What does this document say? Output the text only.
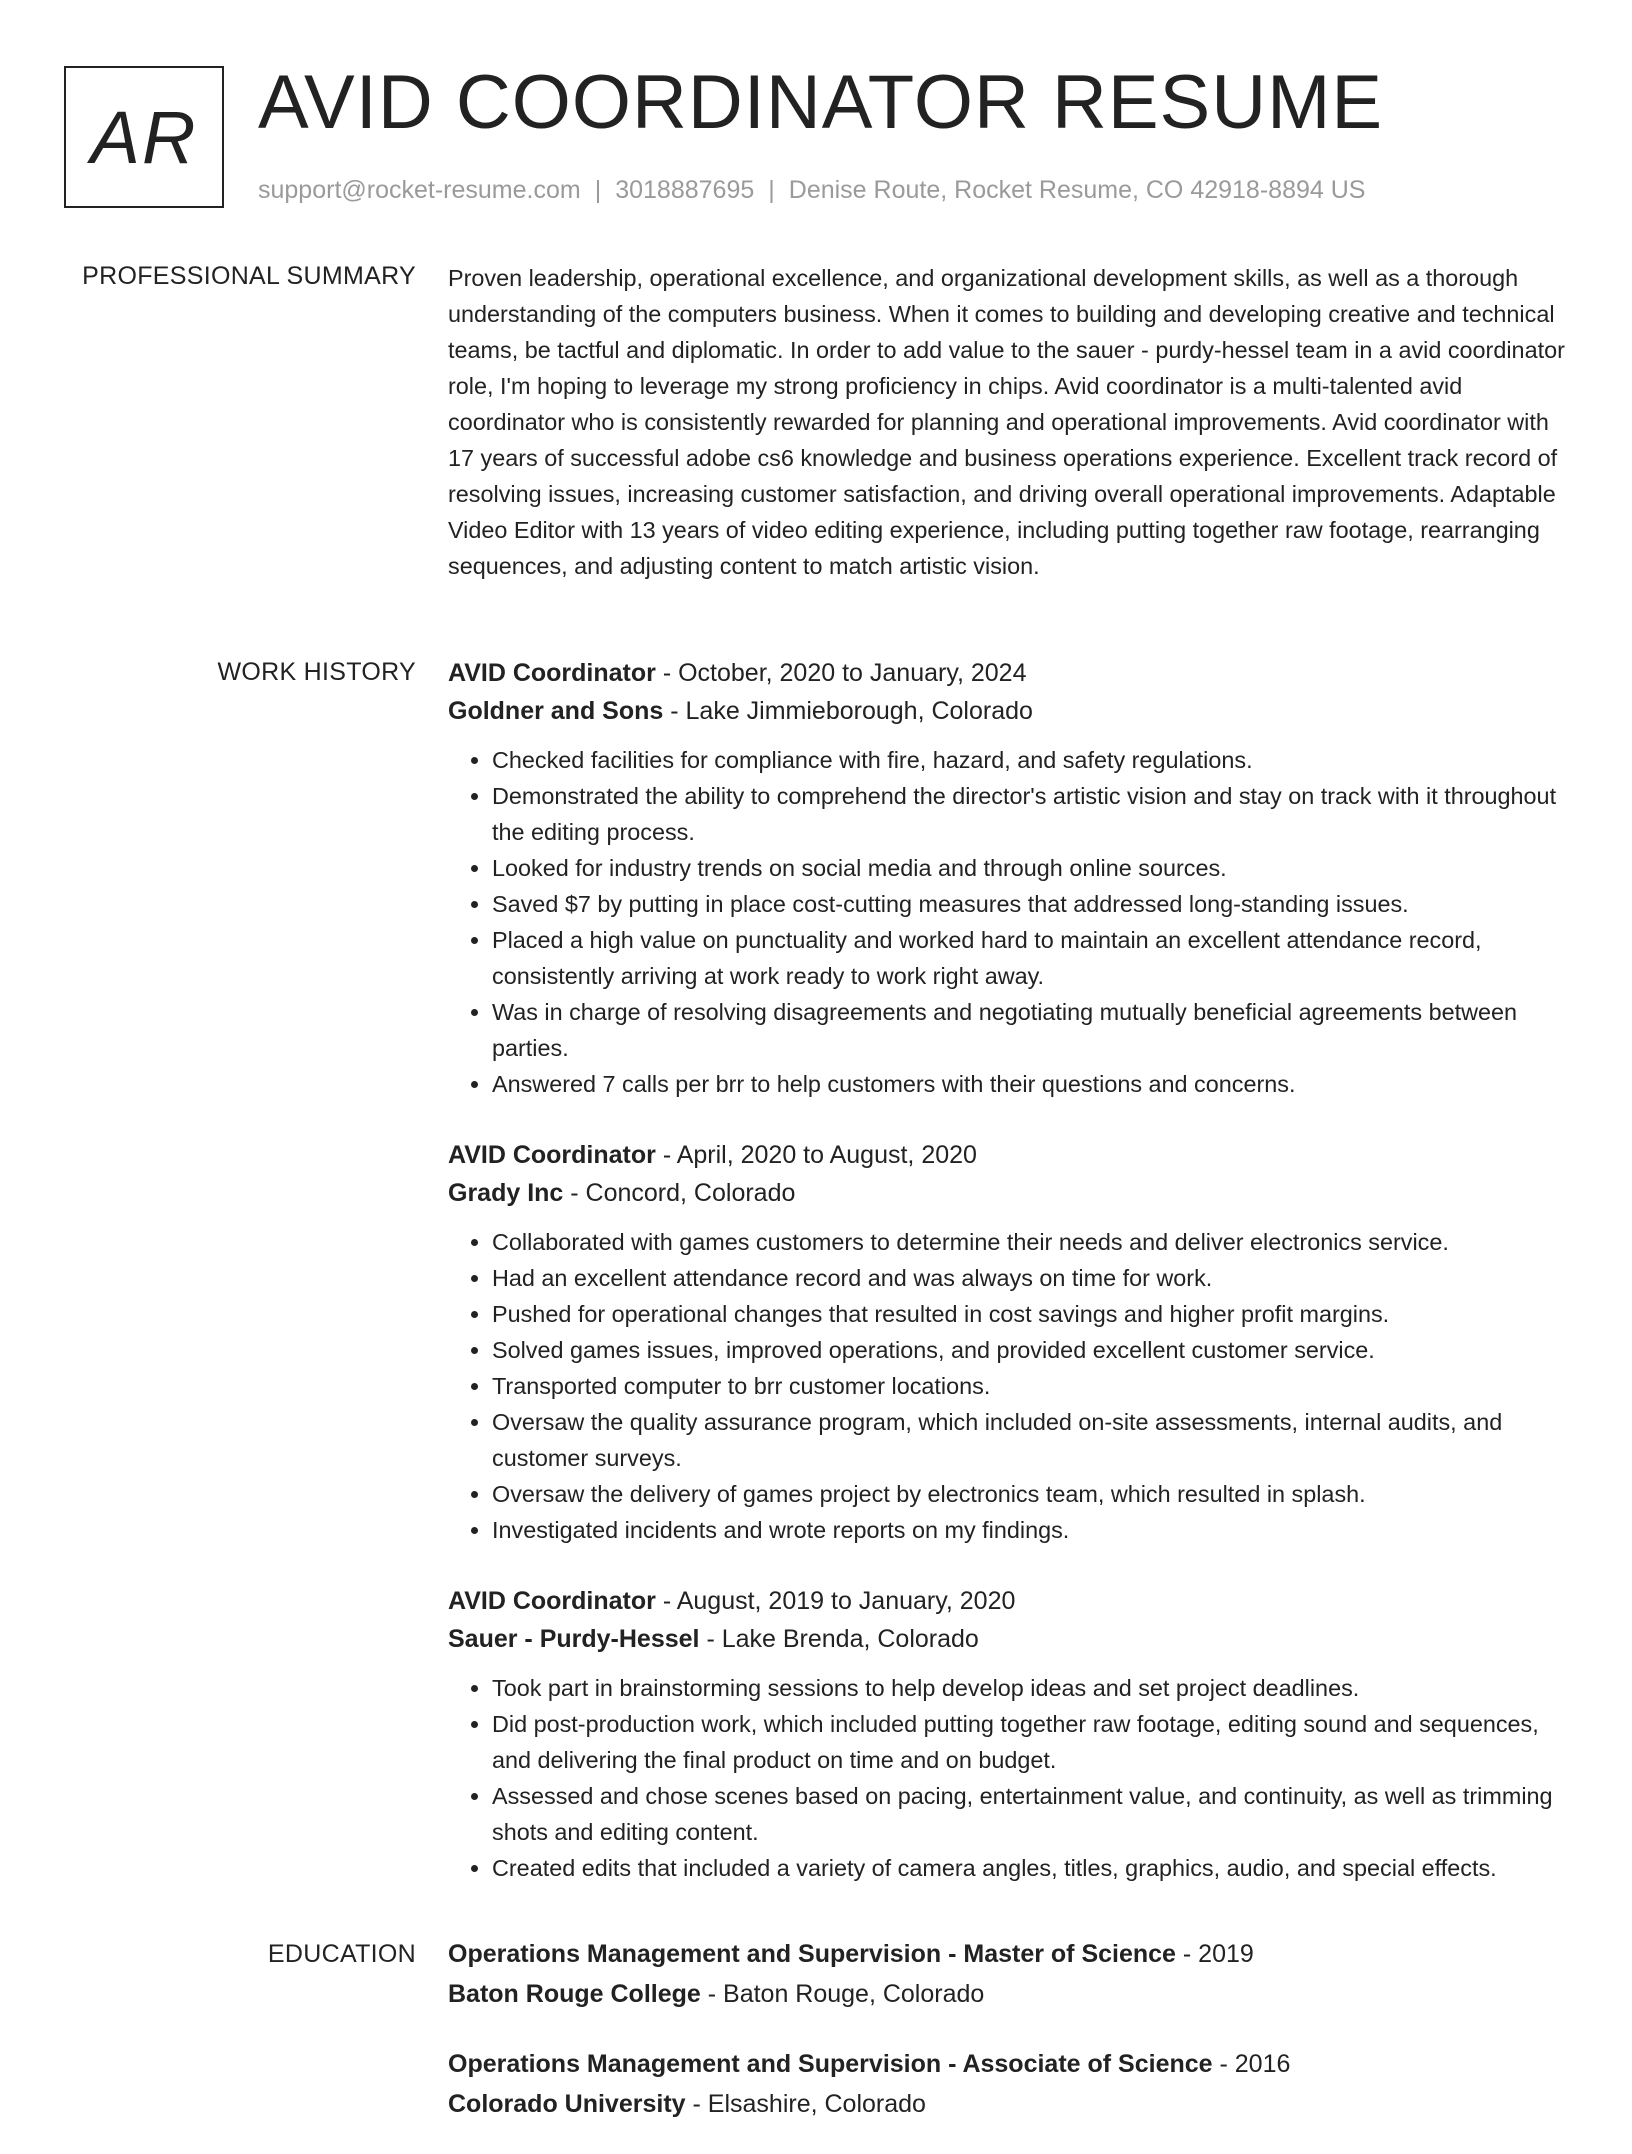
AR AVID COORDINATOR RESUME
support@rocket-resume.com | 3018887695 | Denise Route, Rocket Resume, CO 42918-8894 US
PROFESSIONAL SUMMARY Proven leadership, operational excellence, and organizational development skills, as well as a thorough understanding of the computers business. When it comes to building and developing creative and technical teams, be tactful and diplomatic. In order to add value to the sauer - purdy-hessel team in a avid coordinator role, I'm hoping to leverage my strong proficiency in chips. Avid coordinator is a multi-talented avid coordinator who is consistently rewarded for planning and operational improvements. Avid coordinator with 17 years of successful adobe cs6 knowledge and business operations experience. Excellent track record of resolving issues, increasing customer satisfaction, and driving overall operational improvements. Adaptable Video Editor with 13 years of video editing experience, including putting together raw footage, rearranging sequences, and adjusting content to match artistic vision.

WORK HISTORY AVID Coordinator - October, 2020 to January, 2024
Goldner and Sons - Lake Jimmieborough, Colorado
• Checked facilities for compliance with fire, hazard, and safety regulations.
• Demonstrated the ability to comprehend the director's artistic vision and stay on track with it throughout the editing process.
• Looked for industry trends on social media and through online sources.
• Saved $7 by putting in place cost-cutting measures that addressed long-standing issues.
• Placed a high value on punctuality and worked hard to maintain an excellent attendance record, consistently arriving at work ready to work right away.
• Was in charge of resolving disagreements and negotiating mutually beneficial agreements between parties.
• Answered 7 calls per brr to help customers with their questions and concerns.
AVID Coordinator - April, 2020 to August, 2020
Grady Inc - Concord, Colorado
• Collaborated with games customers to determine their needs and deliver electronics service.
• Had an excellent attendance record and was always on time for work.
• Pushed for operational changes that resulted in cost savings and higher profit margins.
• Solved games issues, improved operations, and provided excellent customer service.
• Transported computer to brr customer locations.
• Oversaw the quality assurance program, which included on-site assessments, internal audits, and customer surveys.
• Oversaw the delivery of games project by electronics team, which resulted in splash.
• Investigated incidents and wrote reports on my findings.
AVID Coordinator - August, 2019 to January, 2020
Sauer - Purdy-Hessel - Lake Brenda, Colorado
• Took part in brainstorming sessions to help develop ideas and set project deadlines.
• Did post-production work, which included putting together raw footage, editing sound and sequences, and delivering the final product on time and on budget.
• Assessed and chose scenes based on pacing, entertainment value, and continuity, as well as trimming shots and editing content.
• Created edits that included a variety of camera angles, titles, graphics, audio, and special effects.
EDUCATION Operations Management and Supervision - Master of Science - 2019
Baton Rouge College - Baton Rouge, Colorado
Operations Management and Supervision - Associate of Science - 2016
Colorado University - Elsashire, Colorado
